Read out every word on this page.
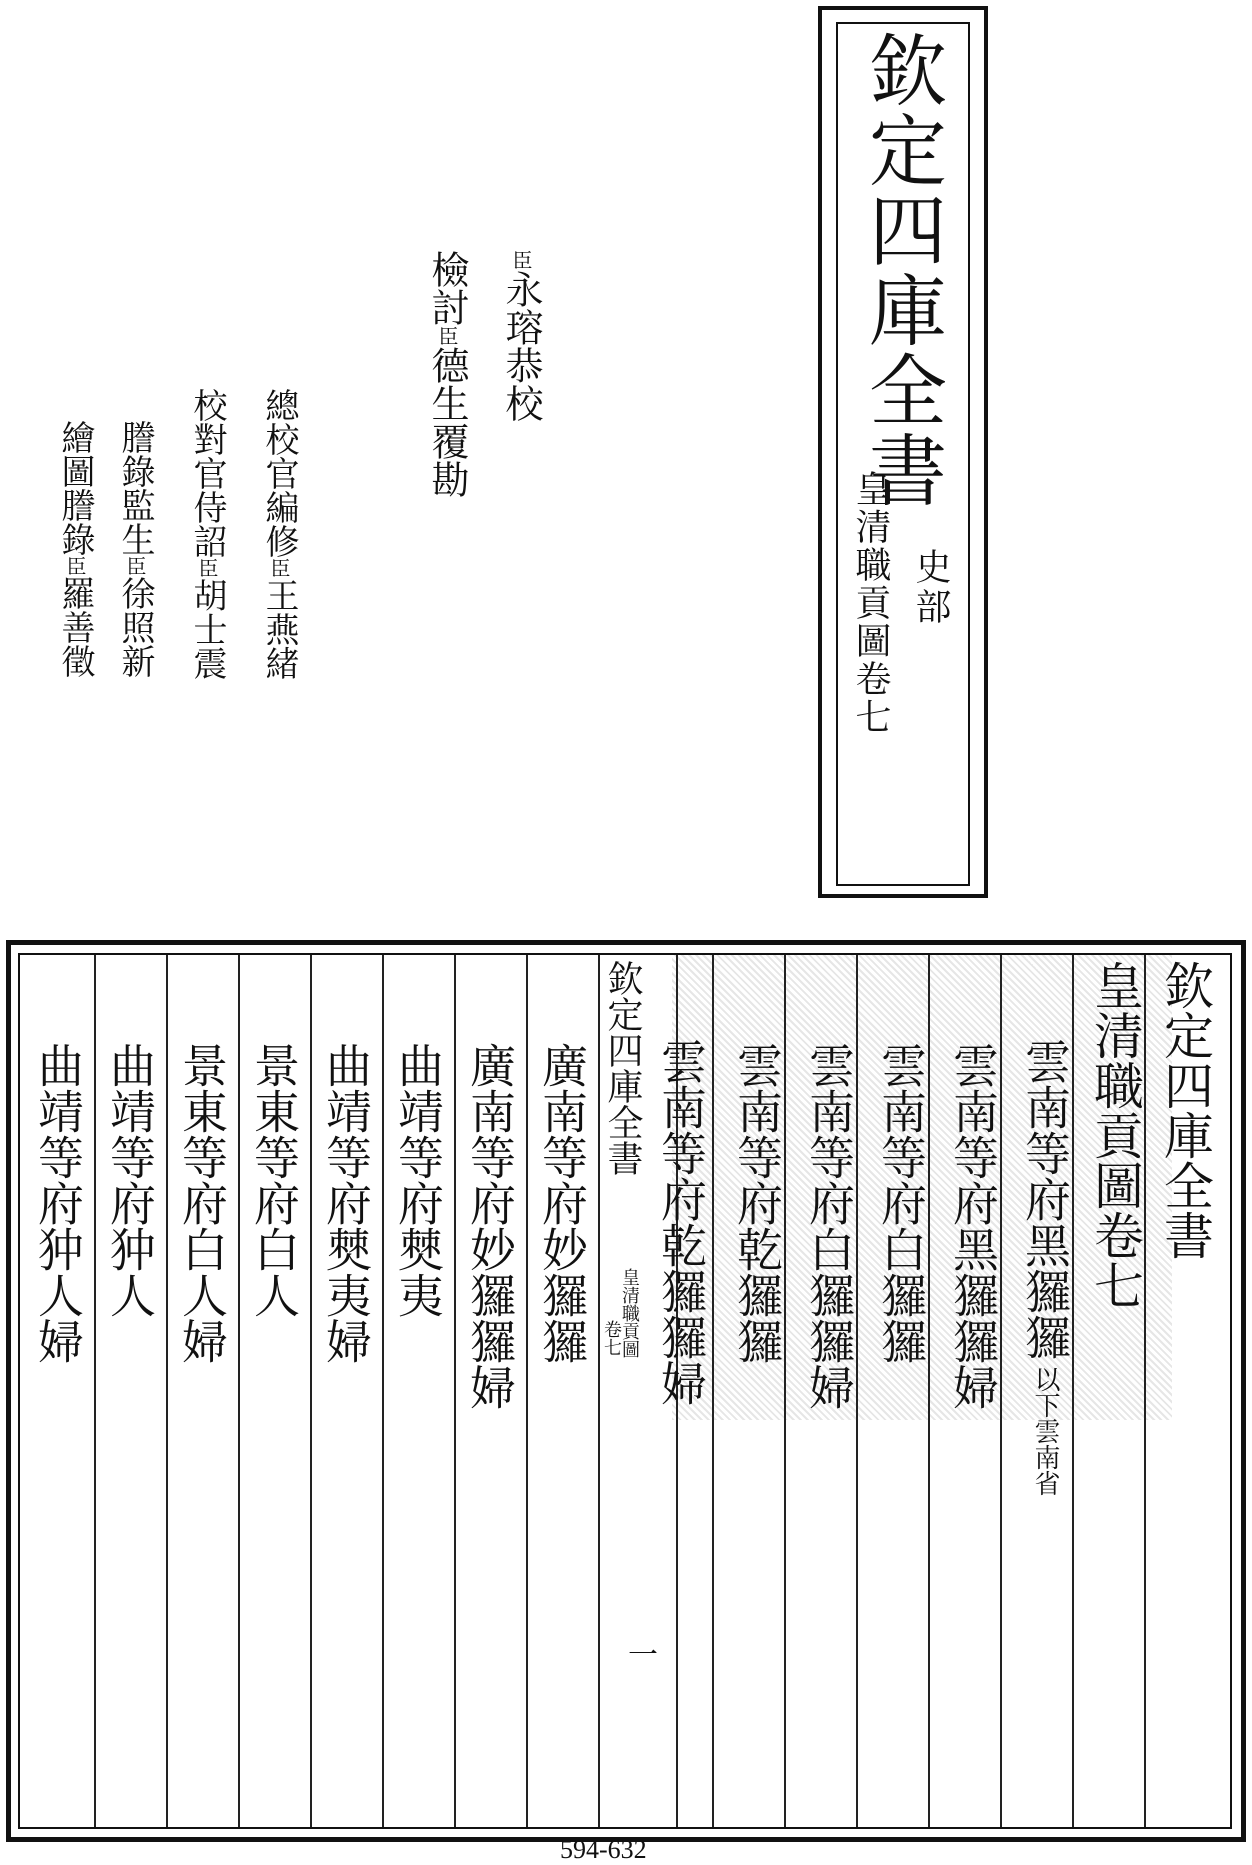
欽定四庫全書
皇清職貢圖卷七 史部
臣永瑢恭校
檢討臣德生覆勘
總校官編修臣王燕緒
校對官侍詔臣胡士震
謄錄監生臣徐照新
繪圖謄錄臣羅善徵
欽定四庫全書
皇清職貢圖卷七
雲南等府黑玀玀
以下雲南省
雲南等府黑玀玀婦
雲南等府白玀玀
雲南等府白玀玀婦
雲南等府乾玀玀
雲南等府乾玀玀婦
欽定四庫全書
皇清職貢圖
卷七
一
廣南等府妙玀玀
廣南等府妙玀玀婦
曲靖等府僰夷
曲靖等府僰夷婦
景東等府白人
景東等府白人婦
曲靖等府狆人
曲靖等府狆人婦
594-632
